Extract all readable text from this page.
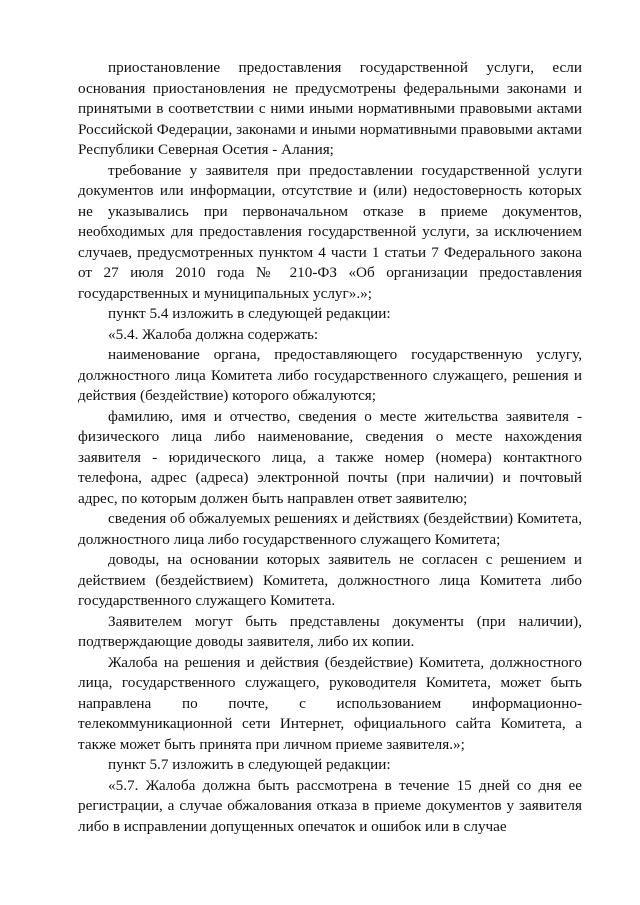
приостановление предоставления государственной услуги, если основания приостановления не предусмотрены федеральными законами и принятыми в соответствии с ними иными нормативными правовыми актами Российской Федерации, законами и иными нормативными правовыми актами Республики Северная Осетия - Алания;

требование у заявителя при предоставлении государственной услуги документов или информации, отсутствие и (или) недостоверность которых не указывались при первоначальном отказе в приеме документов, необходимых для предоставления государственной услуги, за исключением случаев, предусмотренных пунктом 4 части 1 статьи 7 Федерального закона от 27 июля 2010 года № 210-ФЗ «Об организации предоставления государственных и муниципальных услуг».»;

пункт 5.4 изложить в следующей редакции:

«5.4. Жалоба должна содержать:

наименование органа, предоставляющего государственную услугу, должностного лица Комитета либо государственного служащего, решения и действия (бездействие) которого обжалуются;

фамилию, имя и отчество, сведения о месте жительства заявителя - физического лица либо наименование, сведения о месте нахождения заявителя - юридического лица, а также номер (номера) контактного телефона, адрес (адреса) электронной почты (при наличии) и почтовый адрес, по которым должен быть направлен ответ заявителю;

сведения об обжалуемых решениях и действиях (бездействии) Комитета, должностного лица либо государственного служащего Комитета;

доводы, на основании которых заявитель не согласен с решением и действием (бездействием) Комитета, должностного лица Комитета либо государственного служащего Комитета.

Заявителем могут быть представлены документы (при наличии), подтверждающие доводы заявителя, либо их копии.

Жалоба на решения и действия (бездействие) Комитета, должностного лица, государственного служащего, руководителя Комитета, может быть направлена по почте, с использованием информационно-телекоммуникационной сети Интернет, официального сайта Комитета, а также может быть принята при личном приеме заявителя.»;

пункт 5.7 изложить в следующей редакции:

«5.7. Жалоба должна быть рассмотрена в течение 15 дней со дня ее регистрации, а случае обжалования отказа в приеме документов у заявителя либо в исправлении допущенных опечаток и ошибок или в случае
